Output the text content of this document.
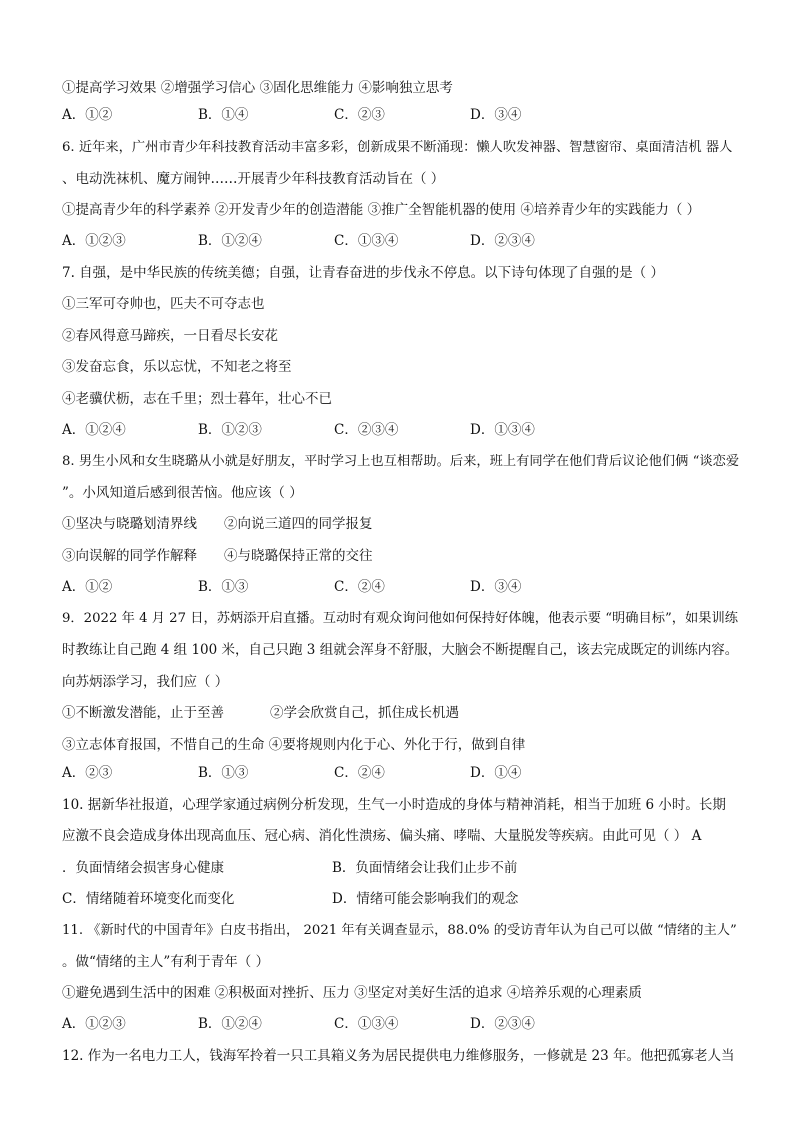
①提高学习效果 ②增强学习信心 ③固化思维能力 ④影响独立思考
A．①②	B．①④	C．②③	D．③④
6. 近年来，广州市青少年科技教育活动丰富多彩，创新成果不断涌现：懒人吹发神器、智慧窗帘、桌面清洁机 器人
、电动洗袜机、魔方闹钟……开展青少年科技教育活动旨在（ ）
①提高青少年的科学素养 ②开发青少年的创造潜能 ③推广全智能机器的使用 ④培养青少年的实践能力（ ）
A．①②③	B．①②④	C．①③④	D．②③④
7. 自强，是中华民族的传统美德；自强，让青春奋进的步伐永不停息。以下诗句体现了自强的是（ ）
①三军可夺帅也，匹夫不可夺志也
②春风得意马蹄疾，一日看尽长安花
③发奋忘食，乐以忘忧，不知老之将至
④老骥伏枥，志在千里；烈士暮年，壮心不已
A．①②④	B．①②③	C．②③④	D．①③④
8. 男生小风和女生晓璐从小就是好朋友，平时学习上也互相帮助。后来，班上有同学在他们背后议论他们俩 “谈恋爱
”。小风知道后感到很苦恼。他应该（ ）
①坚决与晓璐划清界线 ②向说三道四的同学报复
③向误解的同学作解释 ④与晓璐保持正常的交往
A．①②	B．①③	C．②④	D．③④
9．2022 年 4 月 27 日，苏炳添开启直播。互动时有观众询问他如何保持好体魄，他表示要 “明确目标”，如果训练
时教练让自己跑 4 组 100 米，自己只跑 3 组就会浑身不舒服，大脑会不断提醒自己，该去完成既定的训练内容。
向苏炳添学习，我们应（ ）
①不断激发潜能，止于至善	②学会欣赏自己，抓住成长机遇
③立志体育报国，不惜自己的生命 ④要将规则内化于心、外化于行，做到自律
A．②③	B．①③	C．②④	D．①④
10. 据新华社报道，心理学家通过病例分析发现，生气一小时造成的身体与精神消耗，相当于加班 6 小时。长期
应激不良会造成身体出现高血压、冠心病、消化性溃疡、偏头痛、哮喘、大量脱发等疾病。由此可见（ ） A
．负面情绪会损害身心健康	B．负面情绪会让我们止步不前
C．情绪随着环境变化而变化	D．情绪可能会影响我们的观念
11. 《新时代的中国青年》白皮书指出， 2021 年有关调查显示，88.0% 的受访青年认为自己可以做 “情绪的主人”
。做“情绪的主人”有利于青年（ ）
①避免遇到生活中的困难 ②积极面对挫折、压力 ③坚定对美好生活的追求 ④培养乐观的心理素质
A．①②③	B．①②④	C．①③④	D．②③④
12. 作为一名电力工人，钱海军拎着一只工具箱义务为居民提供电力维修服务，一修就是 23 年。他把孤寡老人当
